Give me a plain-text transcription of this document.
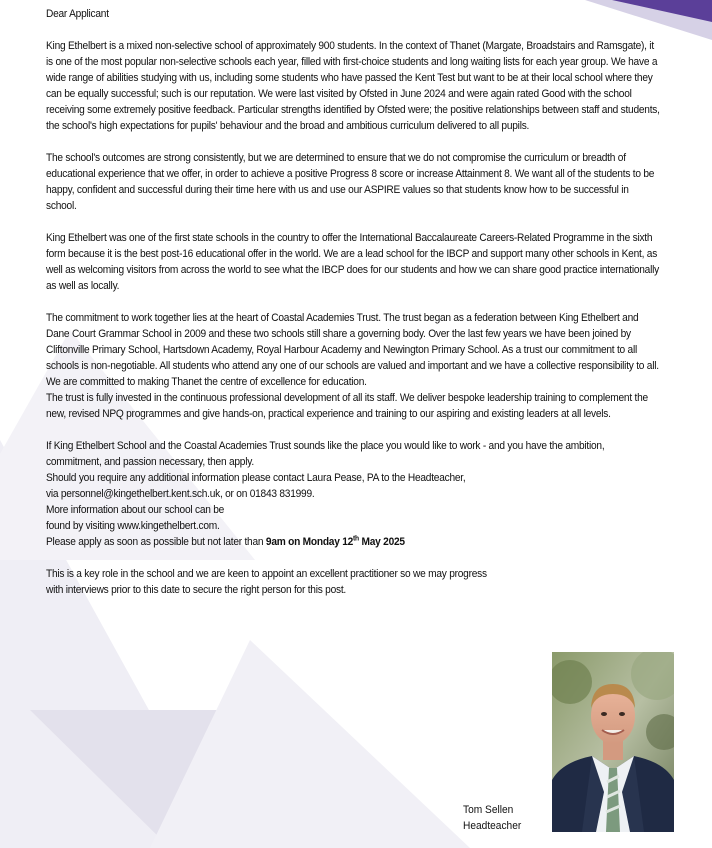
Dear Applicant

King Ethelbert is a mixed non-selective school of approximately 900 students. In the context of Thanet (Margate, Broadstairs and Ramsgate), it is one of the most popular non-selective schools each year, filled with first-choice students and long waiting lists for each year group. We have a wide range of abilities studying with us, including some students who have passed the Kent Test but want to be at their local school where they can be equally successful; such is our reputation. We were last visited by Ofsted in June 2024 and were again rated Good with the school receiving some extremely positive feedback. Particular strengths identified by Ofsted were; the positive relationships between staff and students, the school's high expectations for pupils' behaviour and the broad and ambitious curriculum delivered to all pupils.

The school's outcomes are strong consistently, but we are determined to ensure that we do not compromise the curriculum or breadth of educational experience that we offer, in order to achieve a positive Progress 8 score or increase Attainment 8. We want all of the students to be happy, confident and successful during their time here with us and use our ASPIRE values so that students know how to be successful in school.

King Ethelbert was one of the first state schools in the country to offer the International Baccalaureate Careers-Related Programme in the sixth form because it is the best post-16 educational offer in the world. We are a lead school for the IBCP and support many other schools in Kent, as well as welcoming visitors from across the world to see what the IBCP does for our students and how we can share good practice internationally as well as locally.

The commitment to work together lies at the heart of Coastal Academies Trust. The trust began as a federation between King Ethelbert and Dane Court Grammar School in 2009 and these two schools still share a governing body. Over the last few years we have been joined by Cliftonville Primary School, Hartsdown Academy, Royal Harbour Academy and Newington Primary School. As a trust our commitment to all schools is non-negotiable. All students who attend any one of our schools are valued and important and we have a collective responsibility to all. We are committed to making Thanet the centre of excellence for education.

The trust is fully invested in the continuous professional development of all its staff. We deliver bespoke leadership training to complement the new, revised NPQ programmes and give hands-on, practical experience and training to our aspiring and existing leaders at all levels.

If King Ethelbert School and the Coastal Academies Trust sounds like the place you would like to work - and you have the ambition, commitment, and passion necessary, then apply.
Should you require any additional information please contact Laura Pease, PA to the Headteacher,
via personnel@kingethelbert.kent.sch.uk, or on 01843 831999.
More information about our school can be
found by visiting www.kingethelbert.com.
Please apply as soon as possible but not later than 9am on Monday 12th May 2025

This is a key role in the school and we are keen to appoint an excellent practitioner so we may progress
with interviews prior to this date to secure the right person for this post.

Tom Sellen
Headteacher
